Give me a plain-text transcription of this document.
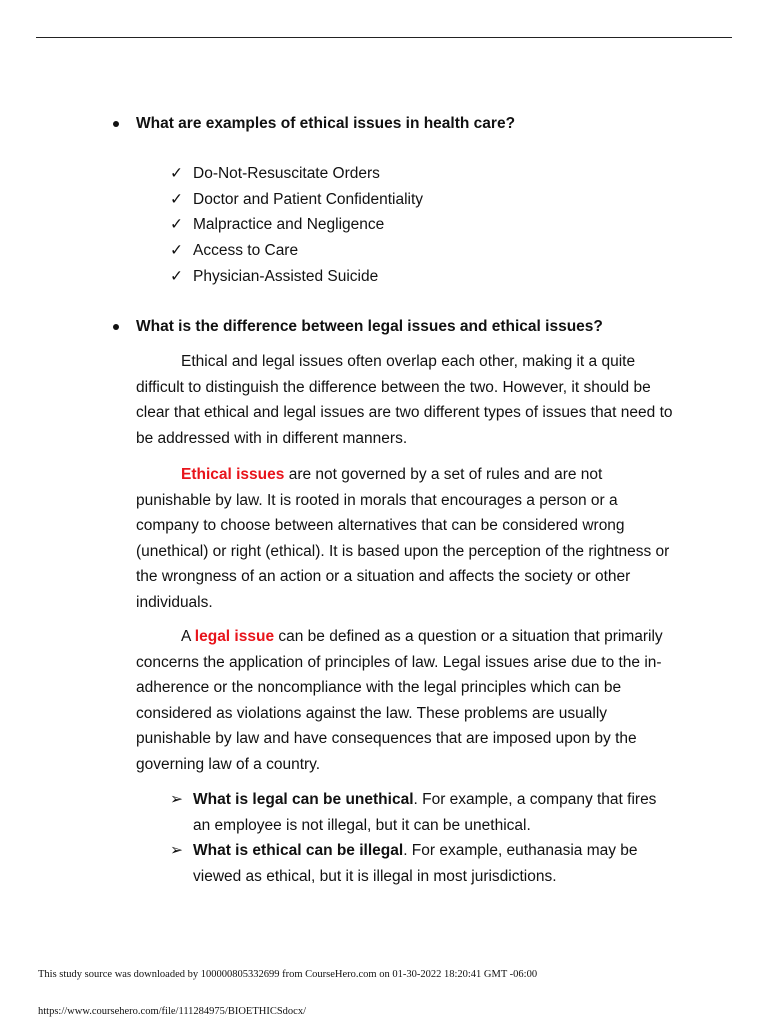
What are examples of ethical issues in health care?
✓ Do-Not-Resuscitate Orders
✓ Doctor and Patient Confidentiality
✓ Malpractice and Negligence
✓ Access to Care
✓ Physician-Assisted Suicide
What is the difference between legal issues and ethical issues?

Ethical and legal issues often overlap each other, making it a quite difficult to distinguish the difference between the two. However, it should be clear that ethical and legal issues are two different types of issues that need to be addressed with in different manners.

Ethical issues are not governed by a set of rules and are not punishable by law. It is rooted in morals that encourages a person or a company to choose between alternatives that can be considered wrong (unethical) or right (ethical). It is based upon the perception of the rightness or the wrongness of an action or a situation and affects the society or other individuals.

A legal issue can be defined as a question or a situation that primarily concerns the application of principles of law. Legal issues arise due to the in-adherence or the noncompliance with the legal principles which can be considered as violations against the law. These problems are usually punishable by law and have consequences that are imposed upon by the governing law of a country.

➢ What is legal can be unethical. For example, a company that fires an employee is not illegal, but it can be unethical.
➢ What is ethical can be illegal. For example, euthanasia may be viewed as ethical, but it is illegal in most jurisdictions.
This study source was downloaded by 100000805332699 from CourseHero.com on 01-30-2022 18:20:41 GMT -06:00
https://www.coursehero.com/file/111284975/BIOETHICSdocx/
